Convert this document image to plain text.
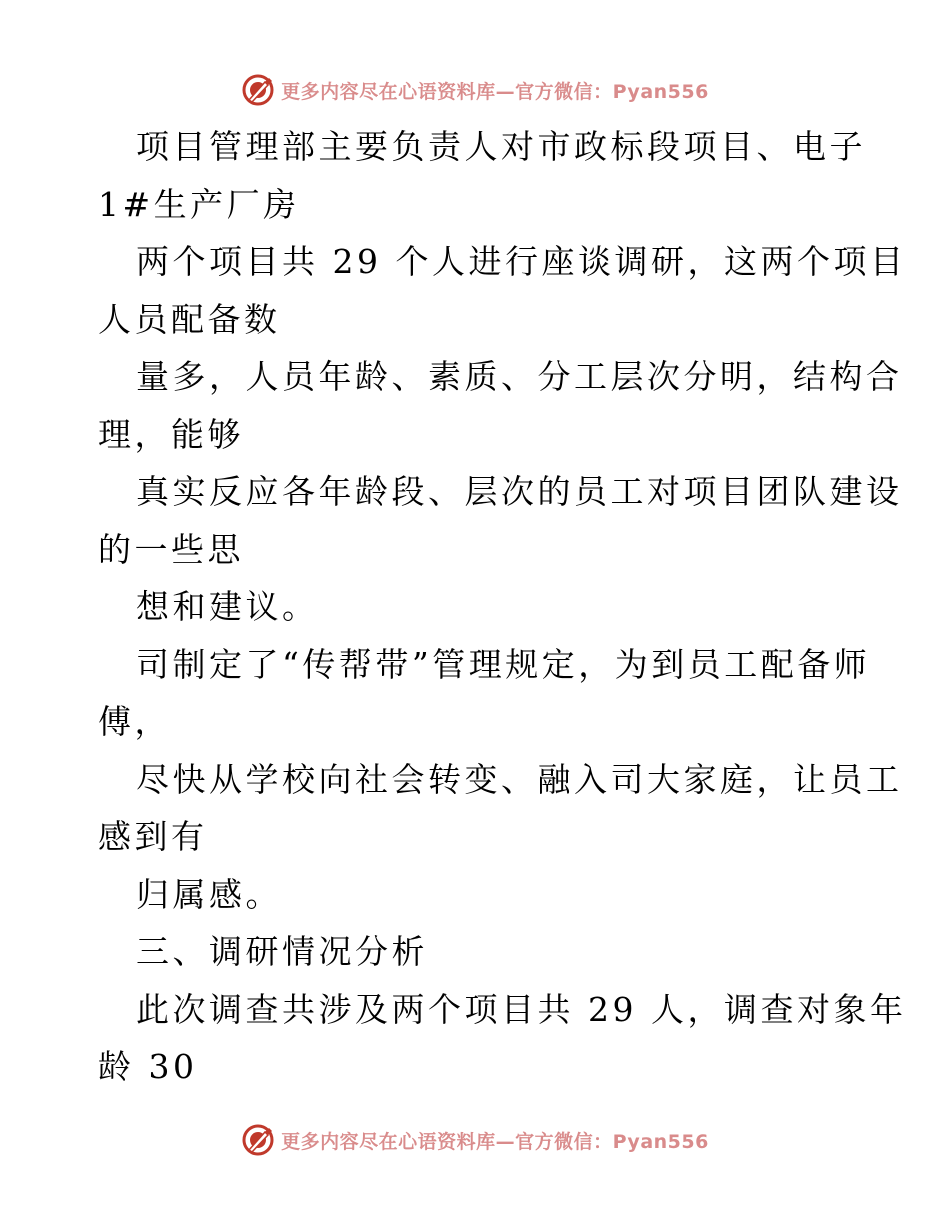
更多内容尽在心语资料库—官方微信：Pyan556
项目管理部主要负责人对市政标段项目、电子
1#生产厂房
两个项目共 29 个人进行座谈调研，这两个项目
人员配备数
量多，人员年龄、素质、分工层次分明，结构合
理，能够
真实反应各年龄段、层次的员工对项目团队建设
的一些思
想和建议。
司制定了“传帮带”管理规定，为到员工配备师
傅，
尽快从学校向社会转变、融入司大家庭，让员工
感到有
归属感。
三、调研情况分析
此次调查共涉及两个项目共 29 人，调查对象年
龄 30
更多内容尽在心语资料库—官方微信：Pyan556
